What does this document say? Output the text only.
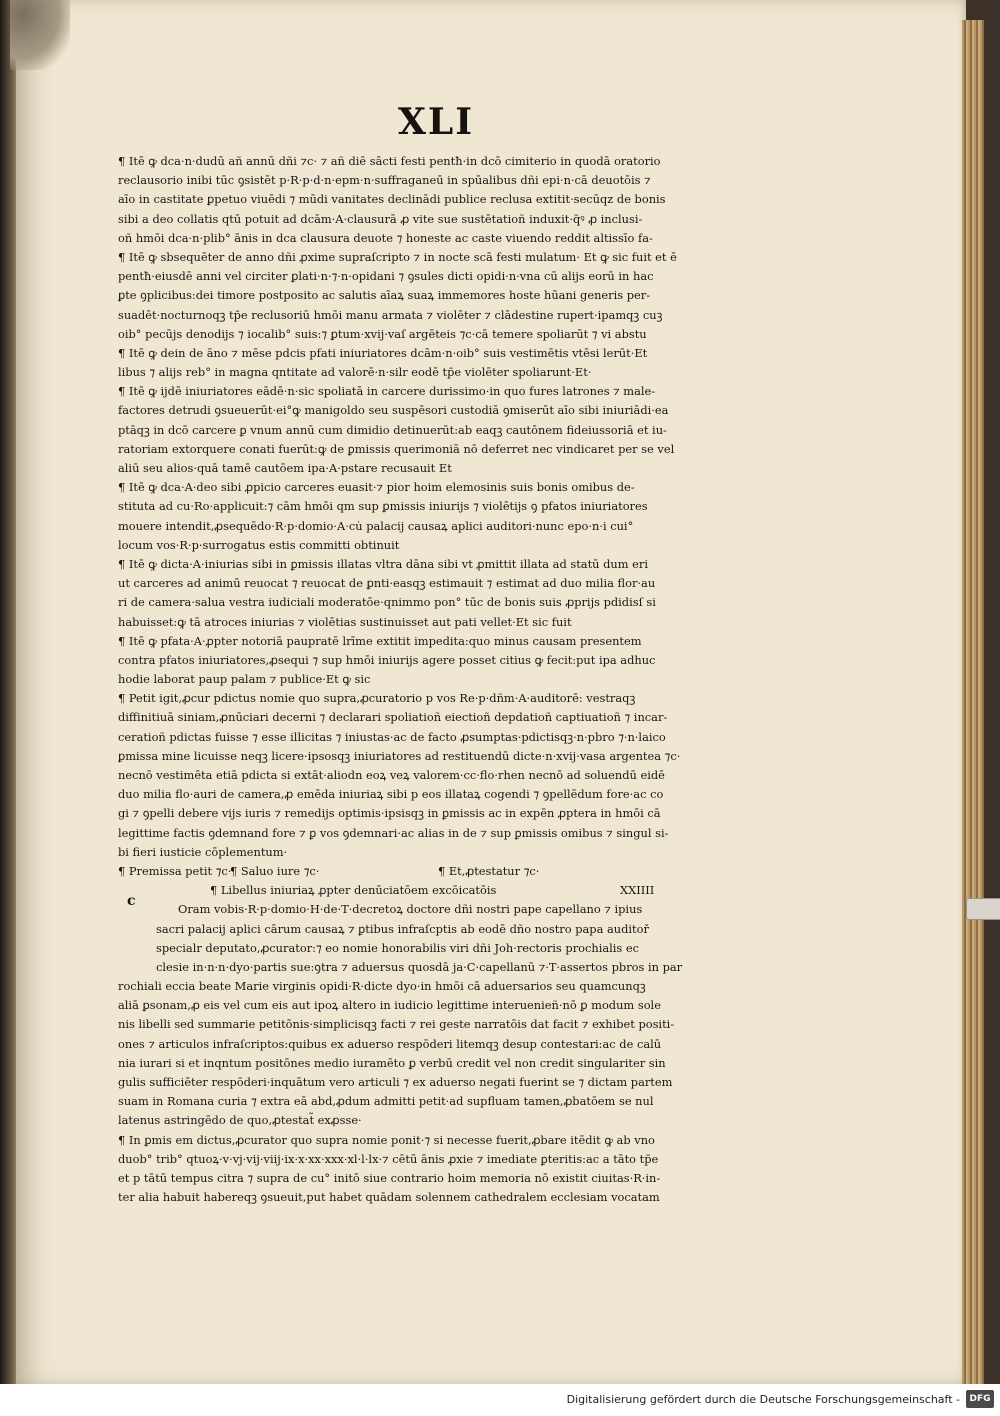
XLI
¶ Itē ꝙ dca·n·dudū añ annū dñi ⁊c· ⁊ añ diē sācti festi pentħ·in dcō cimiterio in quodā oratorio
reclausorio inibi tūc ꝯsistēt p·R·p·d·n·epm·n·suffraganeū in spūalibus dñi epi·n·cā deuotōis ⁊
aīo in castitate ꝑpetuo viuēdi ⁊ mūdi vanitates declinādi publice reclusa extitit·secūqz de bonis
sibi a deo collatis qtū potuit ad dcām·A·clausurā ꝓ vite sue sustētatioñ induxit·q̄ꝰ ꝓ inclusi-
oñ hmōi dca·n·plib° ānis in dca clausura deuote ⁊ honeste ac caste viuendo reddit altissīo fa-
¶ Itē ꝙ sbsequēter de anno dñi ꝓxime supraſcripto ⁊ in nocte scā festi mulatum· Et ꝙ sic fuit et ē
pentħ·eiusdē anni vel circiter ꝑlati·n·⁊·n·opidani ⁊ ꝯsules dicti opidi·n·vna cū alijs eorū in hac
ꝑte ꝯplicibus:dei timore postposito ac salutis aīaꝝ suaꝝ immemores hoste hūani generis per-
suadēt·nocturnoqꝫ tp̄e reclusoriū hmōi manu armata ⁊ violēter ⁊ clādestine rupert·ipamqꝫ cuꝫ
oib° pecūjs denodijs ⁊ iocalib° suis:⁊ ꝑtum·xvij·vaſ argēteis ⁊c·cā temere spoliarūt ⁊ vi abstu
¶ Itē ꝙ dein de āno ⁊ mēse pdcis pfati iniuriatores dcām·n·oib° suis vestimētis vtēsi lerūt·Et
libus ⁊ alijs reb° in magna qntitate ad valorē·n·silr eodē tp̄e violēter spoliarunt·Et·
¶ Itē ꝙ ijdē iniuriatores eādē·n·sic spoliatā in carcere durissimo·in quo fures latrones ⁊ male-
factores detrudi ꝯsueuerūt·ei°ꝙ manigoldo seu suspēsori custodiā ꝯmiserūt aīo sibi iniuriādi·ea
ptāqꝫ in dcō carcere ꝑ vnum annū cum dimidio detinuerūt:ab eaqꝫ cautōnem fideiussoriā et iu-
ratoriam extorquere conati fuerūt:ꝙ de ꝑmissis querimoniā nō deferret nec vindicaret per se vel
aliū seu alios·quā tamē cautōem ipa·A·pstare recusauit Et
¶ Itē ꝙ dca·A·deo sibi ꝓpicio carceres euasit·⁊ pior hoim elemosinis suis bonis omibus de-
stituta ad cu·Ro·applicuit:⁊ cām hmōi qm sup ꝑmissis iniurijs ⁊ violētijs ꝯ pfatos iniuriatores
mouere intendit,ꝓsequēdo·R·p·domio·A·cu̇ palacij causaꝝ aplici auditori·nunc epo·n·i cui°
locum vos·R·p·surrogatus estis committi obtinuit
¶ Itē ꝙ dicta·A·iniurias sibi in ꝑmissis illatas vltra dāna sibi vt ꝓmittit illata ad statū dum eri
ut carceres ad animū reuocat ⁊ reuocat de ꝑnti·easqꝫ estimauit ⁊ estimat ad duo milia flor·au
ri de camera·salua vestra iudiciali moderatōe·qnimmo pon° tūc de bonis suis ꝓprijs pdidisſ si
habuisset:ꝙ tā atroces iniurias ⁊ violētias sustinuisset aut pati vellet·Et sic fuit
¶ Itē ꝙ pfata·A·ꝓpter notoriā paupratē lrīme extitit impedita:quo minus causam presentem
contra pfatos iniuriatores,ꝓsequi ⁊ sup hmōi iniurijs agere posset citius ꝙ fecit:put ipa adhuc
hodie laborat paup palam ⁊ publice·Et ꝙ sic
¶ Petit igit,ꝓcur pdictus nomie quo supra,ꝓcuratorio p vos Re·p·dñm·A·auditorē: vestraqꝫ
diffinitiuā siniam,ꝓnūciari decerni ⁊ declarari spoliatioñ eiectioñ depdatioñ captiuatioñ ⁊ incar-
ceratioñ pdictas fuisse ⁊ esse illicitas ⁊ iniustas·ac de facto ꝓsumptas·pdictisqꝫ·n·pbro ⁊·n·laico
ꝑmissa mine licuisse neqꝫ licere·ipsosqꝫ iniuriatores ad restituendū dicte·n·xvij·vasa argentea ⁊c·
necnō vestimēta etiā pdicta si extāt·aliodn eoꝝ veꝝ valorem·cc·flo·rhen necnō ad soluendū eidē
duo milia flo·auri de camera,ꝓ emēda iniuriaꝝ sibi p eos illataꝝ cogendi ⁊ ꝯpellēdum fore·ac co
gi ⁊ ꝯpelli debere vijs iuris ⁊ remedijs optimis·ipsisqꝫ in ꝑmissis ac in expēn ꝓptera in hmōi cā
legittime factis ꝯdemnand fore ⁊ ꝑ vos ꝯdemnari·ac alias in de ⁊ sup ꝑmissis omibus ⁊ singul si-
bi fieri iusticie cōplementum·
¶ Premissa petit ⁊c·
¶ Saluo iure ⁊c·	¶ Et,ꝓtestatur ⁊c·
¶ Libellus iniuriaꝝ ꝓpter denūciatōem excōicatōis	XXIIII
Oram vobis·R·p·domio·H·de·T·decretoꝝ doctore dñi nostri pape capellano ⁊ ipius
sacri palacij aplici cārum causaꝝ ⁊ ꝑtibus infraſcptis ab eodē dño nostro papa auditoř
specialr deputato,ꝓcurator:⁊ eo nomie honorabilis viri dñi Joh·rectoris prochialis ec
clesie in·n·n·dyo·partis sue:ꝯtra ⁊ aduersus quosdā ja·C·capellanū ⁊·T·assertos pbros in par
rochiali eccia beate Marie virginis opidi·R·dicte dyo·in hmōi cā aduersarios seu quamcunqꝫ
aliā ꝑsonam,ꝓ eis vel cum eis aut ipoꝝ altero in iudicio legittime interuenieñ·nō ꝑ modum sole
nis libelli sed summarie petitōnis·simplicisqꝫ facti ⁊ rei geste narratōis dat facit ⁊ exhibet positi-
ones ⁊ articulos infraſcriptos:quibus ex aduerso respōderi litemqꝫ desup contestari:ac de calū
nia iurari si et inqntum positōnes medio iuramēto ꝑ verbū credit vel non credit singulariter sin
gulis sufficiēter respōderi·inquātum vero articuli ⁊ ex aduerso negati fuerint se ⁊ dictam partem
suam in Romana curia ⁊ extra eā abd,ꝓdum admitti petit·ad supfluam tamen,ꝓbatōem se nul
latenus astringēdo de quo,ꝓtestat̃ exꝓsse·
¶ In ꝑmis em dictus,ꝓcurator quo supra nomie ponit·⁊ si necesse fuerit,ꝓbare itēdit ꝙ ab vno
duob° trib° qtuoꝝ·v·vj·vij·viij·ix·x·xx·xxx·xl·l·lx·⁊ cētū ānis ꝓxie ⁊ imediate ꝑteritis:ac a tāto tp̄e
et p tātū tempus citra ⁊ supra de cu° initō siue contrario hoim memoria nō existit ciuitas·R·in-
ter alia habuit habereqꝫ ꝯsueuit,put habet quādam solennem cathedralem ecclesiam vocatam
c
Digitalisierung gefördert durch die Deutsche Forschungsgemeinschaft -	DFG
